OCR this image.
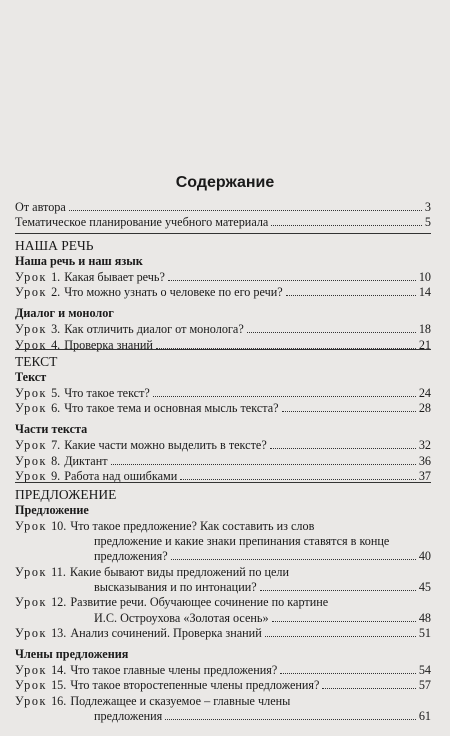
Содержание
От автора	3
Тематическое планирование учебного материала	5
НАША РЕЧЬ
Наша речь и наш язык
Урок 1. Какая бывает речь?	10
Урок 2. Что можно узнать о человеке по его речи?	14
Диалог и монолог
Урок 3. Как отличить диалог от монолога?	18
Урок 4. Проверка знаний	21
ТЕКСТ
Текст
Урок 5. Что такое текст?	24
Урок 6. Что такое тема и основная мысль текста?	28
Части текста
Урок 7. Какие части можно выделить в тексте?	32
Урок 8. Диктант	36
Урок 9. Работа над ошибками	37
ПРЕДЛОЖЕНИЕ
Предложение
Урок 10. Что такое предложение? Как составить из слов
предложение и какие знаки препинания ставятся в конце
предложения?	40
Урок 11. Какие бывают виды предложений по цели
высказывания и по интонации?	45
Урок 12. Развитие речи. Обучающее сочинение по картине
И.С. Остроухова «Золотая осень»	48
Урок 13. Анализ сочинений. Проверка знаний	51
Члены предложения
Урок 14. Что такое главные члены предложения?	54
Урок 15. Что такое второстепенные члены предложения?	57
Урок 16. Подлежащее и сказуемое – главные члены
предложения	61
